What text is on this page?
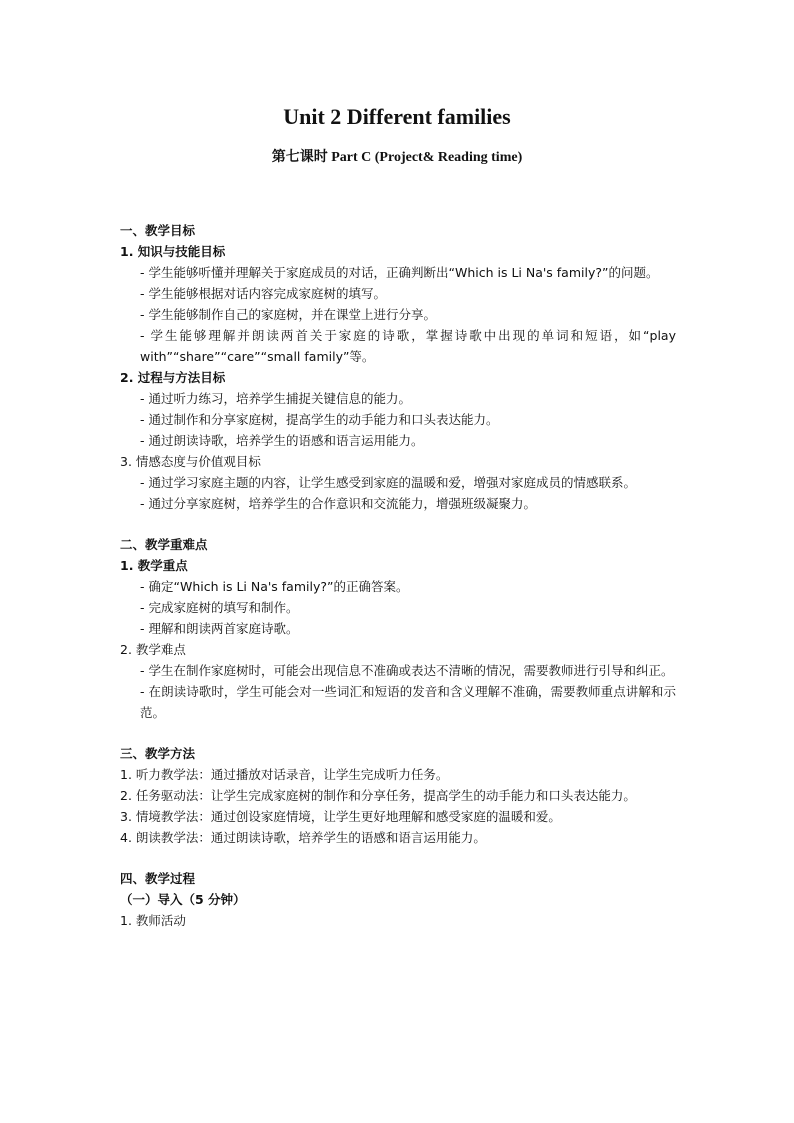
Unit 2 Different families
第七课时 Part C (Project& Reading time)
一、教学目标
1. 知识与技能目标
- 学生能够听懂并理解关于家庭成员的对话，正确判断出“Which is Li Na's family?”的问题。
- 学生能够根据对话内容完成家庭树的填写。
- 学生能够制作自己的家庭树，并在课堂上进行分享。
- 学生能够理解并朗读两首关于家庭的诗歌，掌握诗歌中出现的单词和短语，如“play with”“share”“care”“small family”等。
2. 过程与方法目标
- 通过听力练习，培养学生捕捉关键信息的能力。
- 通过制作和分享家庭树，提高学生的动手能力和口头表达能力。
- 通过朗读诗歌，培养学生的语感和语言运用能力。
3. 情感态度与价值观目标
- 通过学习家庭主题的内容，让学生感受到家庭的温暖和爱，增强对家庭成员的情感联系。
- 通过分享家庭树，培养学生的合作意识和交流能力，增强班级凝聚力。
二、教学重难点
1. 教学重点
- 确定“Which is Li Na's family?”的正确答案。
- 完成家庭树的填写和制作。
- 理解和朗读两首家庭诗歌。
2. 教学难点
- 学生在制作家庭树时，可能会出现信息不准确或表达不清晰的情况，需要教师进行引导和纠正。
- 在朗读诗歌时，学生可能会对一些词汇和短语的发音和含义理解不准确，需要教师重点讲解和示范。
三、教学方法
1. 听力教学法：通过播放对话录音，让学生完成听力任务。
2. 任务驱动法：让学生完成家庭树的制作和分享任务，提高学生的动手能力和口头表达能力。
3. 情境教学法：通过创设家庭情境，让学生更好地理解和感受家庭的温暖和爱。
4. 朗读教学法：通过朗读诗歌，培养学生的语感和语言运用能力。
四、教学过程
（一）导入（5 分钟）
1. 教师活动
